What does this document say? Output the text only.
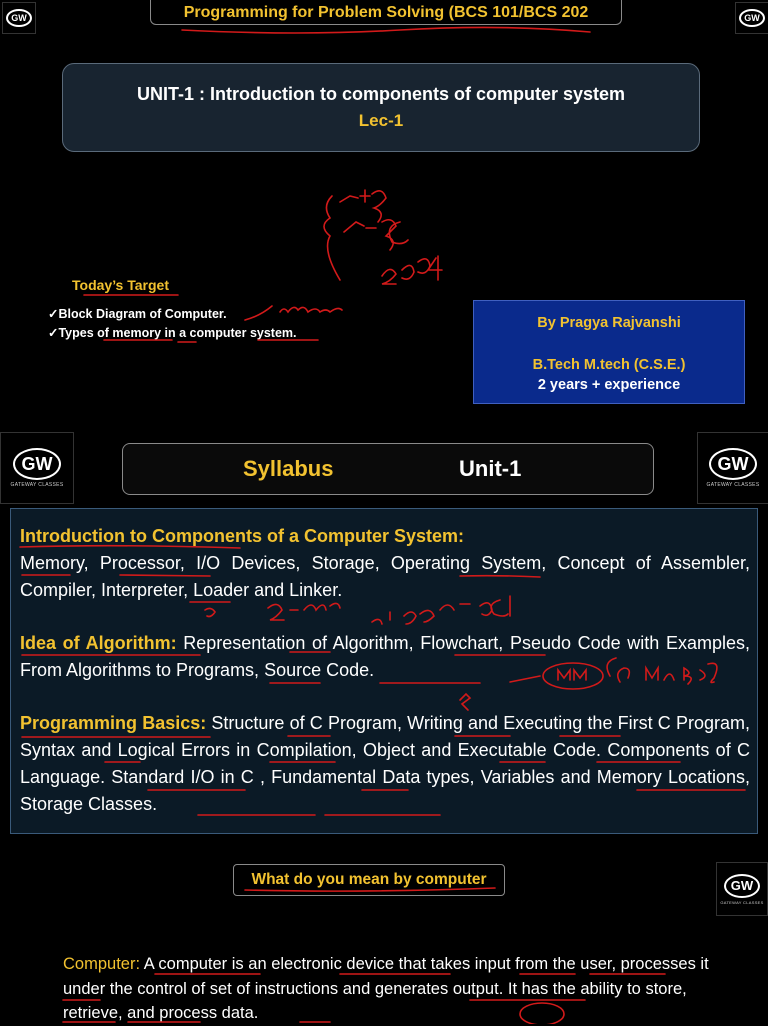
GW	GW
Programming for Problem Solving (BCS 101/BCS 202
UNIT-1 : Introduction to components of computer system
Lec-1
Today’s Target
✓Block Diagram of Computer.
✓Types of memory in a computer system.
By Pragya Rajvanshi
B.Tech M.tech (C.S.E.)
2 years + experience
GW
GATEWAY CLASSES
GW
GATEWAY CLASSES
Syllabus	Unit-1
Introduction to Components of a Computer System:
Memory, Processor, I/O Devices, Storage, Operating System, Concept of Assembler, Compiler, Interpreter, Loader and Linker.
Idea of Algorithm: Representation of Algorithm, Flowchart, Pseudo Code with Examples, From Algorithms to Programs, Source Code.
Programming Basics: Structure of C Program, Writing and Executing the First C Program, Syntax and Logical Errors in Compilation, Object and Executable Code. Components of C Language. Standard I/O in C , Fundamental Data types, Variables and Memory Locations, Storage Classes.
GW
GATEWAY CLASSES
What do you mean by computer
Computer: A computer is an electronic device that takes input from the user, processes it under the control of set of instructions and generates output. It has the ability to store, retrieve, and process data.
